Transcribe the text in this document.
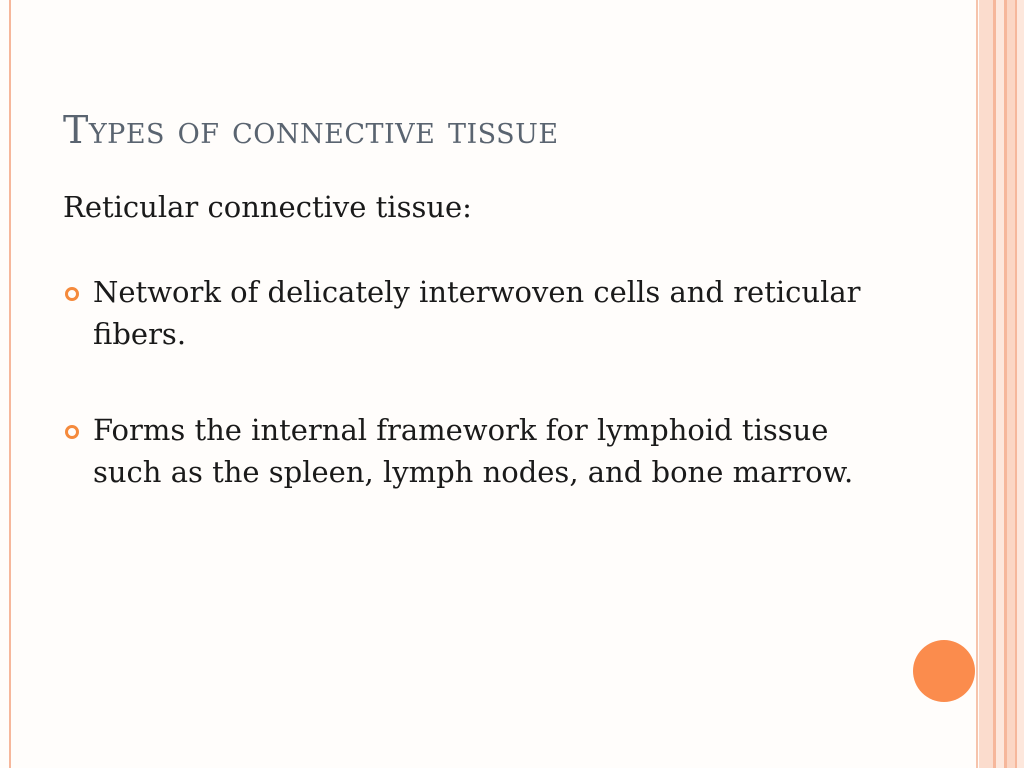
Types of connective tissue
Reticular connective tissue:
Network of delicately interwoven cells and reticular fibers.
Forms the internal framework for lymphoid tissue such as the spleen, lymph nodes, and bone marrow.
